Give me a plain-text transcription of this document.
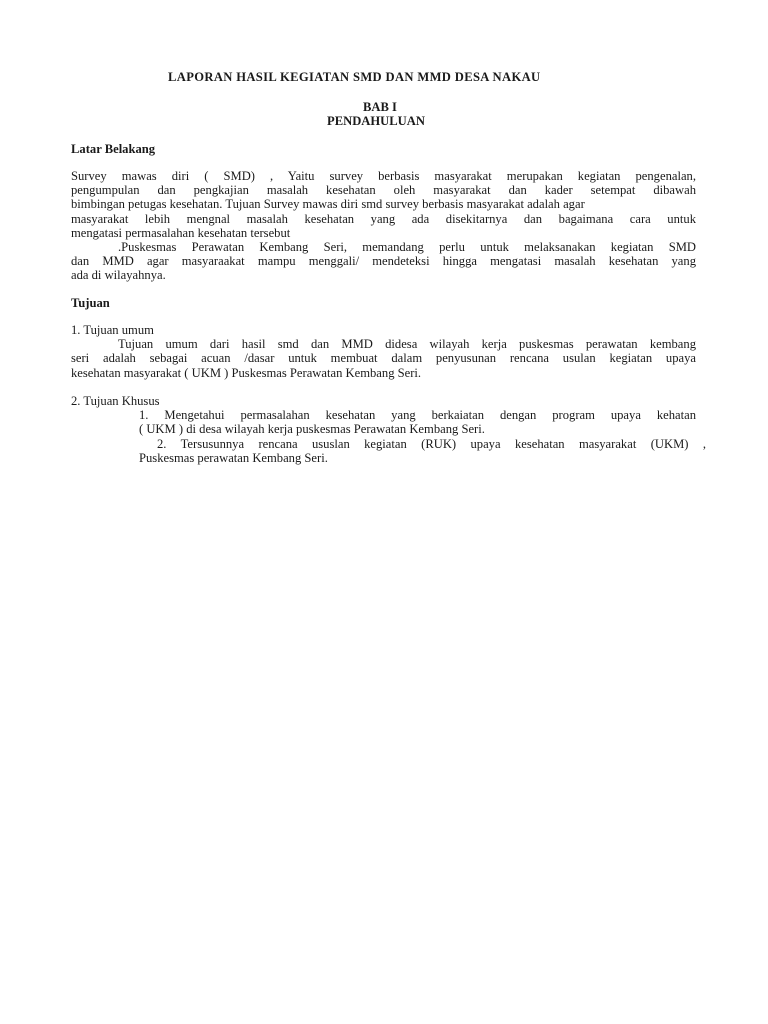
LAPORAN HASIL KEGIATAN SMD DAN MMD DESA NAKAU
BAB I
PENDAHULUAN
Latar Belakang
Survey mawas diri ( SMD) , Yaitu survey berbasis masyarakat merupakan kegiatan pengenalan,
pengumpulan dan pengkajian masalah kesehatan oleh masyarakat dan kader setempat dibawah
bimbingan petugas kesehatan. Tujuan Survey mawas diri smd survey berbasis masyarakat adalah agar
masyarakat lebih mengnal masalah kesehatan yang ada disekitarnya dan bagaimana cara untuk
mengatasi permasalahan kesehatan tersebut
.Puskesmas Perawatan Kembang Seri, memandang perlu untuk melaksanakan kegiatan SMD
dan MMD agar masyaraakat mampu menggali/ mendeteksi hingga mengatasi masalah kesehatan yang
ada di wilayahnya.
Tujuan
1. Tujuan umum
Tujuan umum dari hasil smd dan MMD didesa wilayah kerja puskesmas perawatan kembang
seri adalah sebagai acuan /dasar untuk membuat dalam penyusunan rencana usulan kegiatan upaya
kesehatan masyarakat ( UKM ) Puskesmas Perawatan Kembang Seri.
2. Tujuan Khusus
1. Mengetahui permasalahan kesehatan yang berkaiatan dengan program upaya kehatan
( UKM ) di desa wilayah kerja puskesmas Perawatan Kembang Seri.
2. Tersusunnya rencana ususlan kegiatan (RUK) upaya kesehatan masyarakat (UKM) ,
Puskesmas perawatan Kembang Seri.
